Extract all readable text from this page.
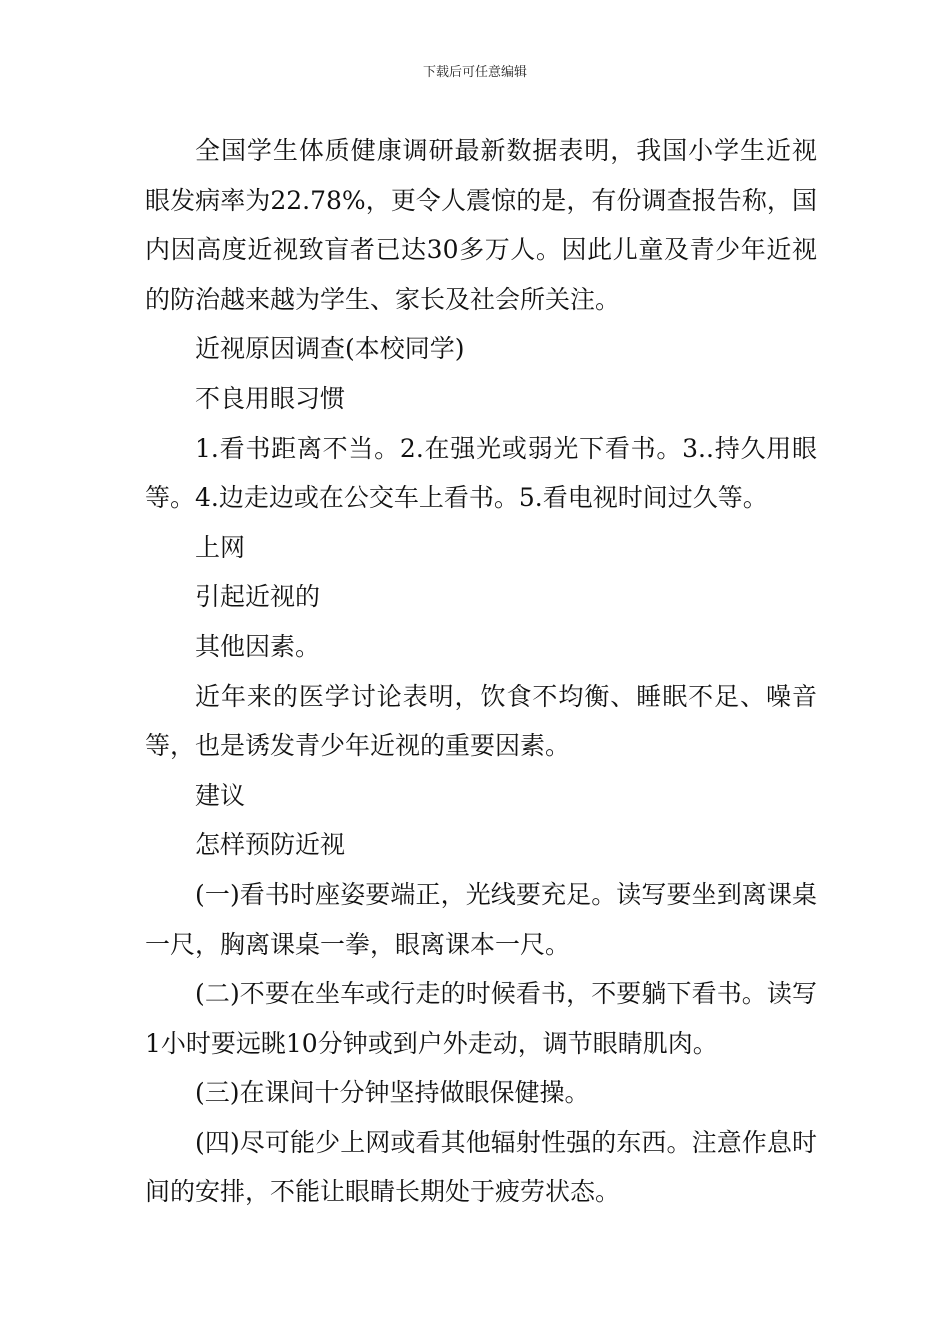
下载后可任意编辑

全国学生体质健康调研最新数据表明，我国小学生近视眼发病率为22.78%，更令人震惊的是，有份调查报告称，国内因高度近视致盲者已达30多万人。因此儿童及青少年近视的防治越来越为学生、家长及社会所关注。

近视原因调查(本校同学)

不良用眼习惯

1.看书距离不当。2.在强光或弱光下看书。3..持久用眼等。4.边走边或在公交车上看书。5.看电视时间过久等。

上网

引起近视的

其他因素。

近年来的医学讨论表明，饮食不均衡、睡眠不足、噪音等，也是诱发青少年近视的重要因素。

建议

怎样预防近视

(一)看书时座姿要端正，光线要充足。读写要坐到离课桌一尺，胸离课桌一拳，眼离课本一尺。

(二)不要在坐车或行走的时候看书，不要躺下看书。读写1小时要远眺10分钟或到户外走动，调节眼睛肌肉。

(三)在课间十分钟坚持做眼保健操。

(四)尽可能少上网或看其他辐射性强的东西。注意作息时间的安排，不能让眼睛长期处于疲劳状态。
